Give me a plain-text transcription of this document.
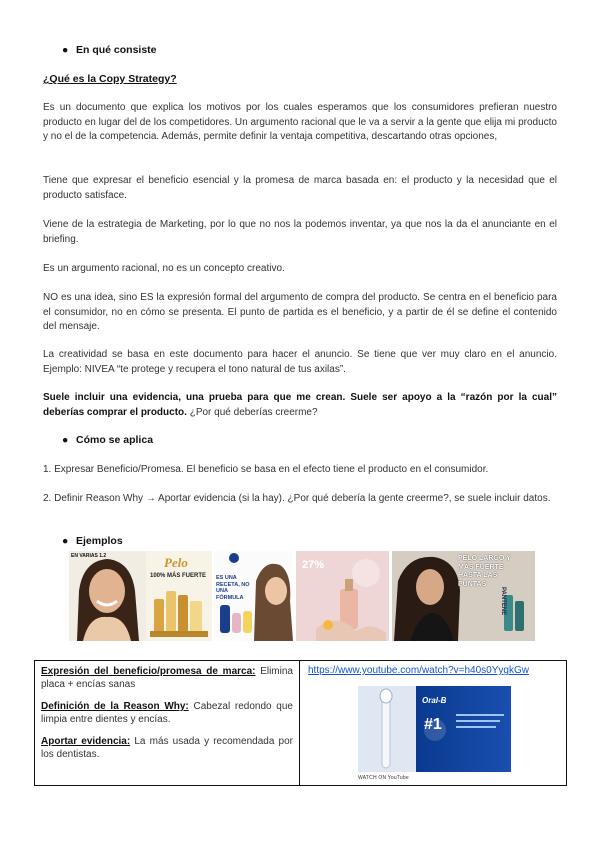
● En qué consiste
¿Qué es la Copy Strategy?

Es un documento que explica los motivos por los cuales esperamos que los consumidores prefieran nuestro producto en lugar del de los competidores. Un argumento racional que le va a servir a la gente que elija mi producto y no el de la competencia. Además, permite definir la ventaja competitiva, descartando otras opciones,

Tiene que expresar el beneficio esencial y la promesa de marca basada en: el producto y la necesidad que el producto satisface.

Viene de la estrategia de Marketing, por lo que no nos la podemos inventar, ya que nos la da el anunciante en el briefing.

Es un argumento racional, no es un concepto creativo.

NO es una idea, sino ES la expresión formal del argumento de compra del producto. Se centra en el beneficio para el consumidor, no en cómo se presenta. El punto de partida es el beneficio, y a partir de él se define el contenido del mensaje.

La creatividad se basa en este documento para hacer el anuncio. Se tiene que ver muy claro en el anuncio. Ejemplo: NIVEA “te protege y recupera el tono natural de tus axilas”.

Suele incluir una evidencia, una prueba para que me crean. Suele ser apoyo a la “razón por la cual” deberías comprar el producto. ¿Por qué deberías creerme?

● Cómo se aplica

1. Expresar Beneficio/Promesa. El beneficio se basa en el efecto tiene el producto en el consumidor.

2. Definir Reason Why → Aportar evidencia (si la hay). ¿Por qué debería la gente creerme?, se suele incluir datos.

● Ejemplos
EN VARIAS 1.2	Pelo
100% MÁS FUERTE ES UNA RECETA, NO UNA FÓRMULA
27%
PELO LARGO Y MÁS FUERTE HASTA LAS PUNTAS
PANTENE
Expresión del beneficio/promesa de marca: Elimina placa + encías sanas
Definición de la Reason Why: Cabezal redondo que limpia entre dientes y encías.
Aportar evidencia: La más usada y recomendada por los dentistas.

https://www.youtube.com/watch?v=h40s0YygkGw
Oral-B
#1
WATCH ON YouTube
